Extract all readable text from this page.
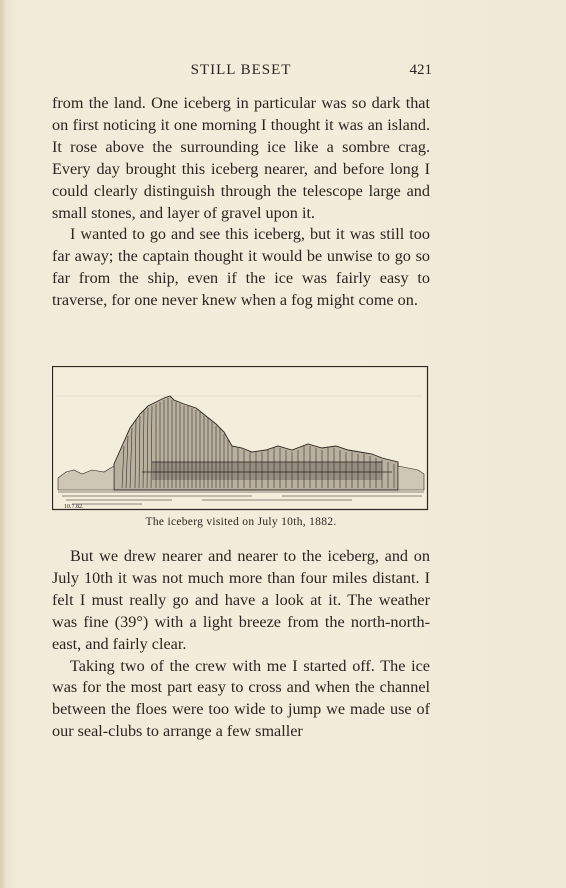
STILL BESET	421

from the land. One iceberg in particular was so dark that on first noticing it one morning I thought it was an island. It rose above the surrounding ice like a sombre crag. Every day brought this iceberg nearer, and before long I could clearly distinguish through the telescope large and small stones, and layer of gravel upon it.

I wanted to go and see this iceberg, but it was still too far away; the captain thought it would be unwise to go so far from the ship, even if the ice was fairly easy to traverse, for one never knew when a fog might come on.

10.7.82.
The iceberg visited on July 10th, 1882.

But we drew nearer and nearer to the iceberg, and on July 10th it was not much more than four miles distant. I felt I must really go and have a look at it. The weather was fine (39°) with a light breeze from the north-north-east, and fairly clear.

Taking two of the crew with me I started off. The ice was for the most part easy to cross and when the channel between the floes were too wide to jump we made use of our seal-clubs to arrange a few smaller
